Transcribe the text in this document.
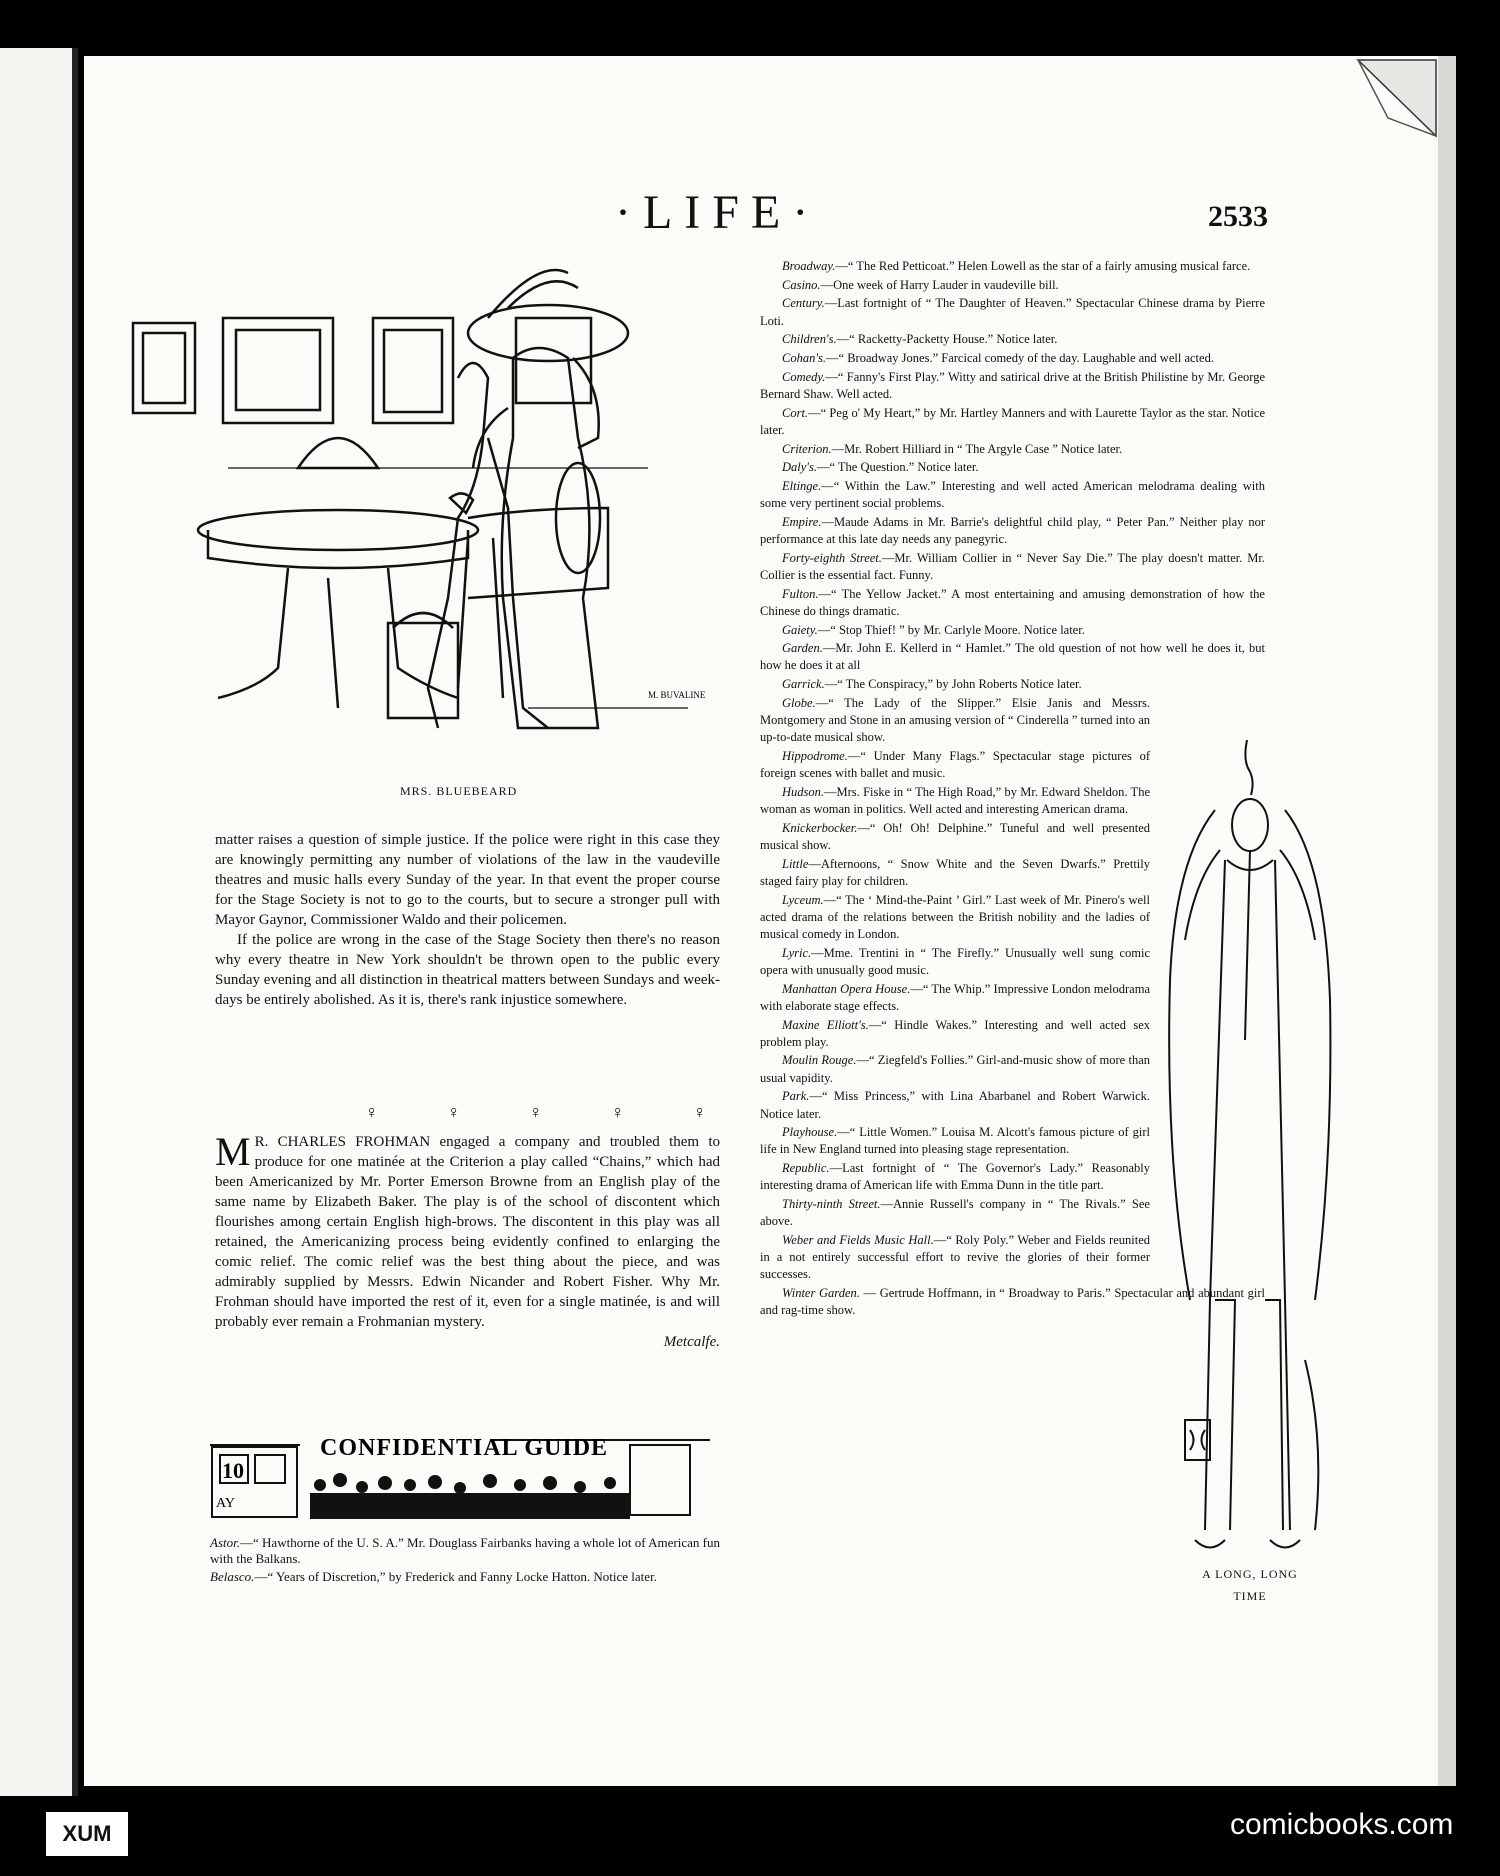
·LIFE·	2533
M. BUVALINE
MRS. BLUEBEARD

matter raises a question of simple justice. If the police were right in this case they are knowingly permitting any number of violations of the law in the vaudeville theatres and music halls every Sunday of the year. In that event the proper course for the Stage Society is not to go to the courts, but to secure a stronger pull with Mayor Gaynor, Commissioner Waldo and their policemen.

If the police are wrong in the case of the Stage Society then there's no reason why every theatre in New York shouldn't be thrown open to the public every Sunday evening and all distinction in theatrical matters between Sundays and week-days be entirely abolished. As it is, there's rank injustice somewhere.

♀ ♀ ♀ ♀ ♀
M R. CHARLES FROHMAN engaged a company and troubled them to produce for one matinée at the Criterion a play called “Chains,” which had been Americanized by Mr. Porter Emerson Browne from an English play of the same name by Elizabeth Baker. The play is of the school of discontent which flourishes among certain English high-brows. The discontent in this play was all retained, the Americanizing process being evidently confined to enlarging the comic relief. The comic relief was the best thing about the piece, and was admirably supplied by Messrs. Edwin Nicander and Robert Fisher. Why Mr. Frohman should have imported the rest of it, even for a single matinée, is and will probably ever remain a Frohmanian mystery.

Metcalfe.

10
AY
CONFIDENTIAL GUIDE
Astor.—“ Hawthorne of the U. S. A.” Mr. Douglass Fairbanks having a whole lot of American fun with the Balkans.
Belasco.—“ Years of Discretion,” by Frederick and Fanny Locke Hatton. Notice later.
Broadway.—“ The Red Petticoat.” Helen Lowell as the star of a fairly amusing musical farce.
Casino.—One week of Harry Lauder in vaudeville bill.
Century.—Last fortnight of “ The Daughter of Heaven.” Spectacular Chinese drama by Pierre Loti.
Children's.—“ Racketty-Packetty House.” Notice later.
Cohan's.—“ Broadway Jones.” Farcical comedy of the day. Laughable and well acted.
Comedy.—“ Fanny's First Play.” Witty and satirical drive at the British Philistine by Mr. George Bernard Shaw. Well acted.
Cort.—“ Peg o' My Heart,” by Mr. Hartley Manners and with Laurette Taylor as the star. Notice later.
Criterion.—Mr. Robert Hilliard in “ The Argyle Case ” Notice later.
Daly's.—“ The Question.” Notice later.
Eltinge.—“ Within the Law.” Interesting and well acted American melodrama dealing with some very pertinent social problems.
Empire.—Maude Adams in Mr. Barrie's delightful child play, “ Peter Pan.” Neither play nor performance at this late day needs any panegyric.
Forty-eighth Street.—Mr. William Collier in “ Never Say Die.” The play doesn't matter. Mr. Collier is the essential fact. Funny.
Fulton.—“ The Yellow Jacket.” A most entertaining and amusing demonstration of how the Chinese do things dramatic.
Gaiety.—“ Stop Thief! ” by Mr. Carlyle Moore. Notice later.
Garden.—Mr. John E. Kellerd in “ Hamlet.” The old question of not how well he does it, but how he does it at all
Garrick.—“ The Conspiracy,” by John Roberts Notice later.
Globe.—“ The Lady of the Slipper.” Elsie Janis and Messrs. Montgomery and Stone in an amusing version of “ Cinderella ” turned into an up-to-date musical show.
Hippodrome.—“ Under Many Flags.” Spectacular stage pictures of foreign scenes with ballet and music.
Hudson.—Mrs. Fiske in “ The High Road,” by Mr. Edward Sheldon. The woman as woman in politics. Well acted and interesting American drama.
Knickerbocker.—“ Oh! Oh! Delphine.” Tuneful and well presented musical show.
Little—Afternoons, “ Snow White and the Seven Dwarfs.” Prettily staged fairy play for children.
Lyceum.—“ The ‘ Mind-the-Paint ’ Girl.” Last week of Mr. Pinero's well acted drama of the relations between the British nobility and the ladies of musical comedy in London.
Lyric.—Mme. Trentini in “ The Firefly.” Unusually well sung comic opera with unusually good music.
Manhattan Opera House.—“ The Whip.” Impressive London melodrama with elaborate stage effects.
Maxine Elliott's.—“ Hindle Wakes.” Interesting and well acted sex problem play.
Moulin Rouge.—“ Ziegfeld's Follies.” Girl-and-music show of more than usual vapidity.
Park.—“ Miss Princess,” with Lina Abarbanel and Robert Warwick. Notice later.
Playhouse.—“ Little Women.” Louisa M. Alcott's famous picture of girl life in New England turned into pleasing stage representation.
Republic.—Last fortnight of “ The Governor's Lady.” Reasonably interesting drama of American life with Emma Dunn in the title part.
Thirty-ninth Street.—Annie Russell's company in “ The Rivals.” See above.
Weber and Fields Music Hall.—“ Roly Poly.” Weber and Fields reunited in a not entirely successful effort to revive the glories of their former successes.
Winter Garden. — Gertrude Hoffmann, in “ Broadway to Paris.” Spectacular and abundant girl and rag-time show.
A LONG, LONG
TIME
XUM	comicbooks.com
